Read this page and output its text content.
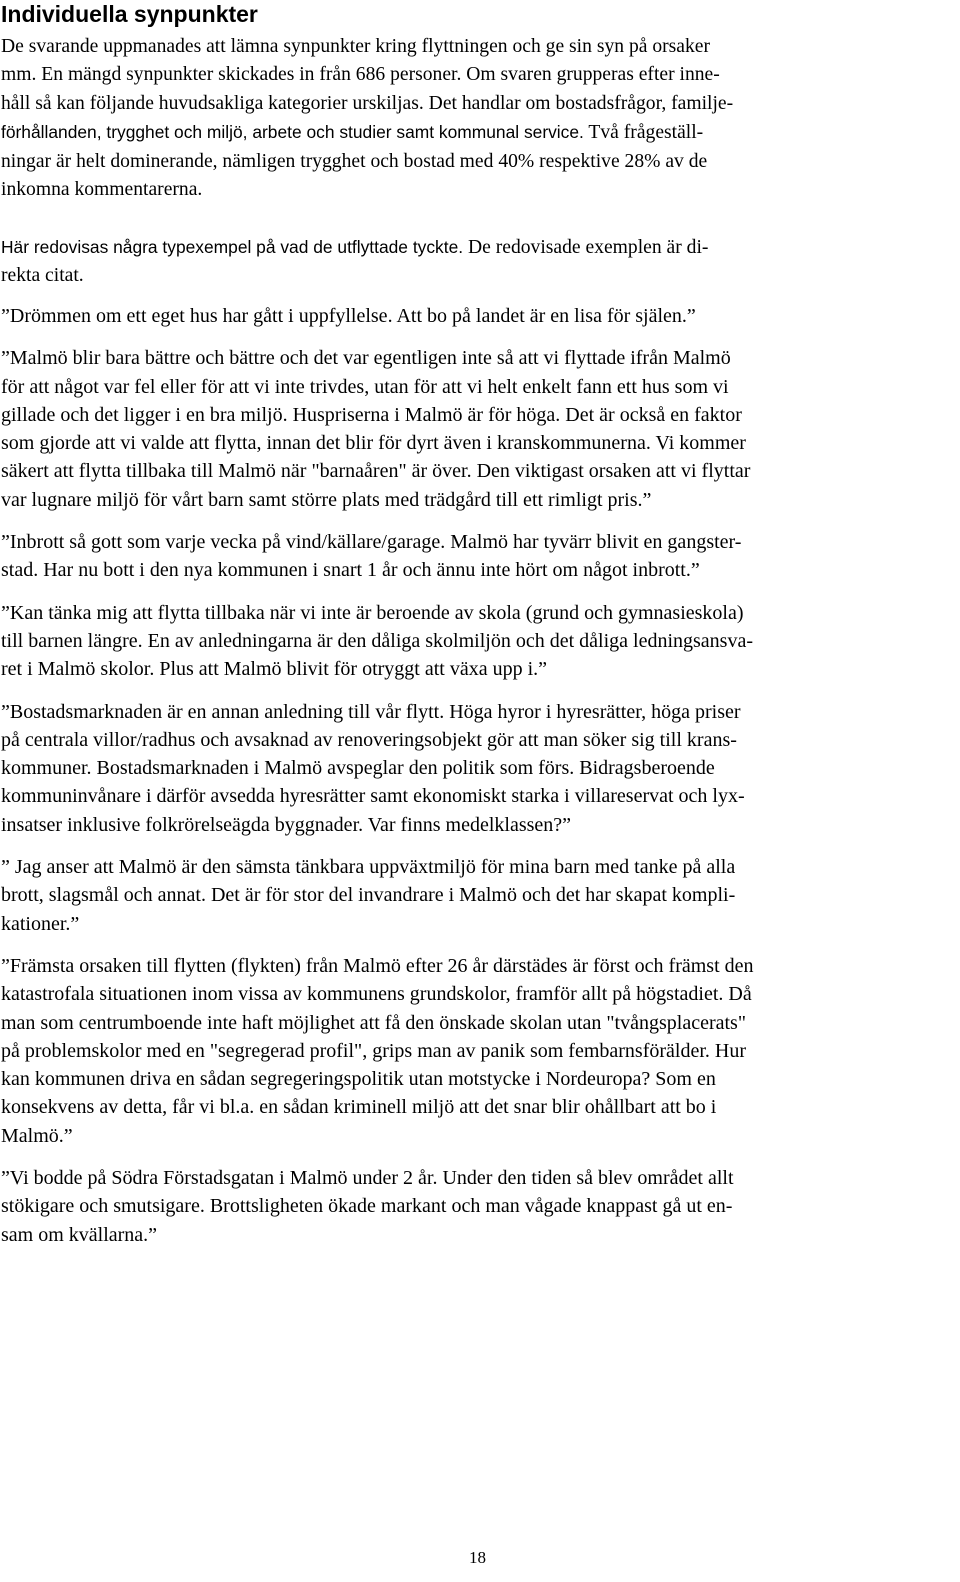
Individuella synpunkter

De svarande uppmanades att lämna synpunkter kring flyttningen och ge sin syn på orsaker
mm. En mängd synpunkter skickades in från 686 personer. Om svaren grupperas efter inne-
håll så kan följande huvudsakliga kategorier urskiljas. Det handlar om bostadsfrågor, familje-
förhållanden, trygghet och miljö, arbete och studier samt kommunal service. Två frågeställ-
ningar är helt dominerande, nämligen trygghet och bostad med 40% respektive 28% av de
inkomna kommentarerna.

Här redovisas några typexempel på vad de utflyttade tyckte. De redovisade exemplen är di-
rekta citat.

”Drömmen om ett eget hus har gått i uppfyllelse. Att bo på landet är en lisa för själen.”

”Malmö blir bara bättre och bättre och det var egentligen inte så att vi flyttade ifrån Malmö
för att något var fel eller för att vi inte trivdes, utan för att vi helt enkelt fann ett hus som vi
gillade och det ligger i en bra miljö. Huspriserna i Malmö är för höga. Det är också en faktor
som gjorde att vi valde att flytta, innan det blir för dyrt även i kranskommunerna. Vi kommer
säkert att flytta tillbaka till Malmö när "barnaåren" är över. Den viktigast orsaken att vi flyttar
var lugnare miljö för vårt barn samt större plats med trädgård till ett rimligt pris.”

”Inbrott så gott som varje vecka på vind/källare/garage. Malmö har tyvärr blivit en gangster-
stad. Har nu bott i den nya kommunen i snart 1 år och ännu inte hört om något inbrott.”

”Kan tänka mig att flytta tillbaka när vi inte är beroende av skola (grund och gymnasieskola)
till barnen längre. En av anledningarna är den dåliga skolmiljön och det dåliga ledningsansva-
ret i Malmö skolor. Plus att Malmö blivit för otryggt att växa upp i.”

”Bostadsmarknaden är en annan anledning till vår flytt. Höga hyror i hyresrätter, höga priser
på centrala villor/radhus och avsaknad av renoveringsobjekt gör att man söker sig till krans-
kommuner. Bostadsmarknaden i Malmö avspeglar den politik som förs. Bidragsberoende
kommuninvånare i därför avsedda hyresrätter samt ekonomiskt starka i villareservat och lyx-
insatser inklusive folkrörelseägda byggnader. Var finns medelklassen?”

” Jag anser att Malmö är den sämsta tänkbara uppväxtmiljö för mina barn med tanke på alla
brott, slagsmål och annat. Det är för stor del invandrare i Malmö och det har skapat kompli-
kationer.”

”Främsta orsaken till flytten (flykten) från Malmö efter 26 år därstädes är först och främst den
katastrofala situationen inom vissa av kommunens grundskolor, framför allt på högstadiet. Då
man som centrumboende inte haft möjlighet att få den önskade skolan utan "tvångsplacerats"
på problemskolor med en "segregerad profil", grips man av panik som fembarnsförälder. Hur
kan kommunen driva en sådan segregeringspolitik utan motstycke i Nordeuropa? Som en
konsekvens av detta, får vi bl.a. en sådan kriminell miljö att det snar blir ohållbart att bo i
Malmö.”

”Vi bodde på Södra Förstadsgatan i Malmö under 2 år. Under den tiden så blev området allt
stökigare och smutsigare. Brottsligheten ökade markant och man vågade knappast gå ut en-
sam om kvällarna.”

18
